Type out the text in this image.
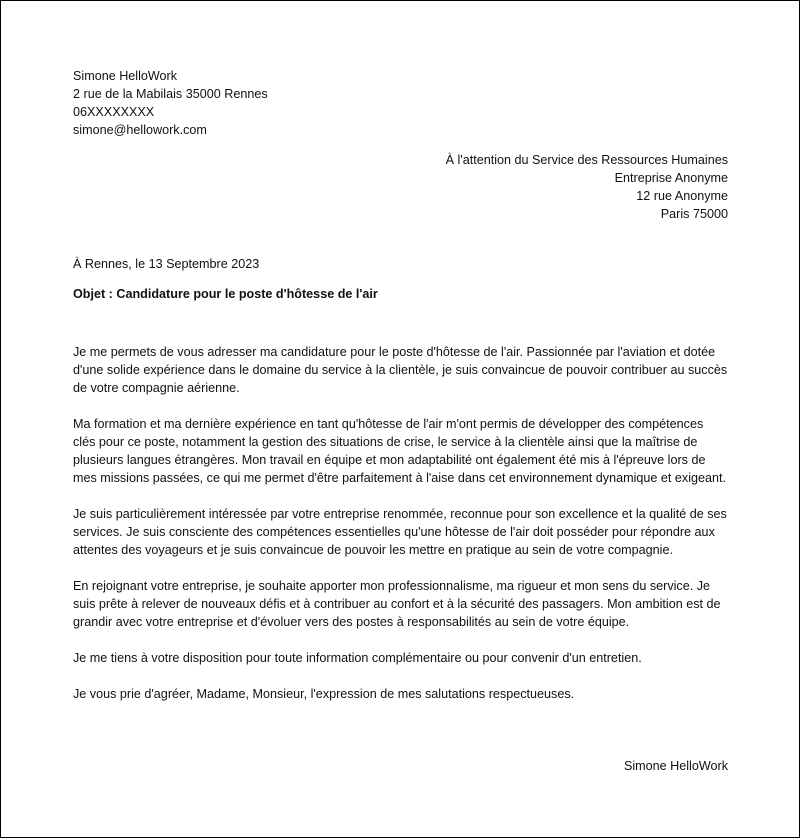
Simone HelloWork
2 rue de la Mabilais 35000 Rennes
06XXXXXXXX
simone@hellowork.com
À l'attention du Service des Ressources Humaines
Entreprise Anonyme
12 rue Anonyme
Paris 75000
À Rennes, le 13 Septembre 2023
Objet : Candidature pour le poste d'hôtesse de l'air

Je me permets de vous adresser ma candidature pour le poste d'hôtesse de l'air. Passionnée par l'aviation et dotée d'une solide expérience dans le domaine du service à la clientèle, je suis convaincue de pouvoir contribuer au succès de votre compagnie aérienne.

Ma formation et ma dernière expérience en tant qu'hôtesse de l'air m'ont permis de développer des compétences clés pour ce poste, notamment la gestion des situations de crise, le service à la clientèle ainsi que la maîtrise de plusieurs langues étrangères. Mon travail en équipe et mon adaptabilité ont également été mis à l'épreuve lors de mes missions passées, ce qui me permet d'être parfaitement à l'aise dans cet environnement dynamique et exigeant.

Je suis particulièrement intéressée par votre entreprise renommée, reconnue pour son excellence et la qualité de ses services. Je suis consciente des compétences essentielles qu'une hôtesse de l'air doit posséder pour répondre aux attentes des voyageurs et je suis convaincue de pouvoir les mettre en pratique au sein de votre compagnie.

En rejoignant votre entreprise, je souhaite apporter mon professionnalisme, ma rigueur et mon sens du service. Je suis prête à relever de nouveaux défis et à contribuer au confort et à la sécurité des passagers. Mon ambition est de grandir avec votre entreprise et d'évoluer vers des postes à responsabilités au sein de votre équipe.

Je me tiens à votre disposition pour toute information complémentaire ou pour convenir d'un entretien.

Je vous prie d'agréer, Madame, Monsieur, l'expression de mes salutations respectueuses.

Simone HelloWork
